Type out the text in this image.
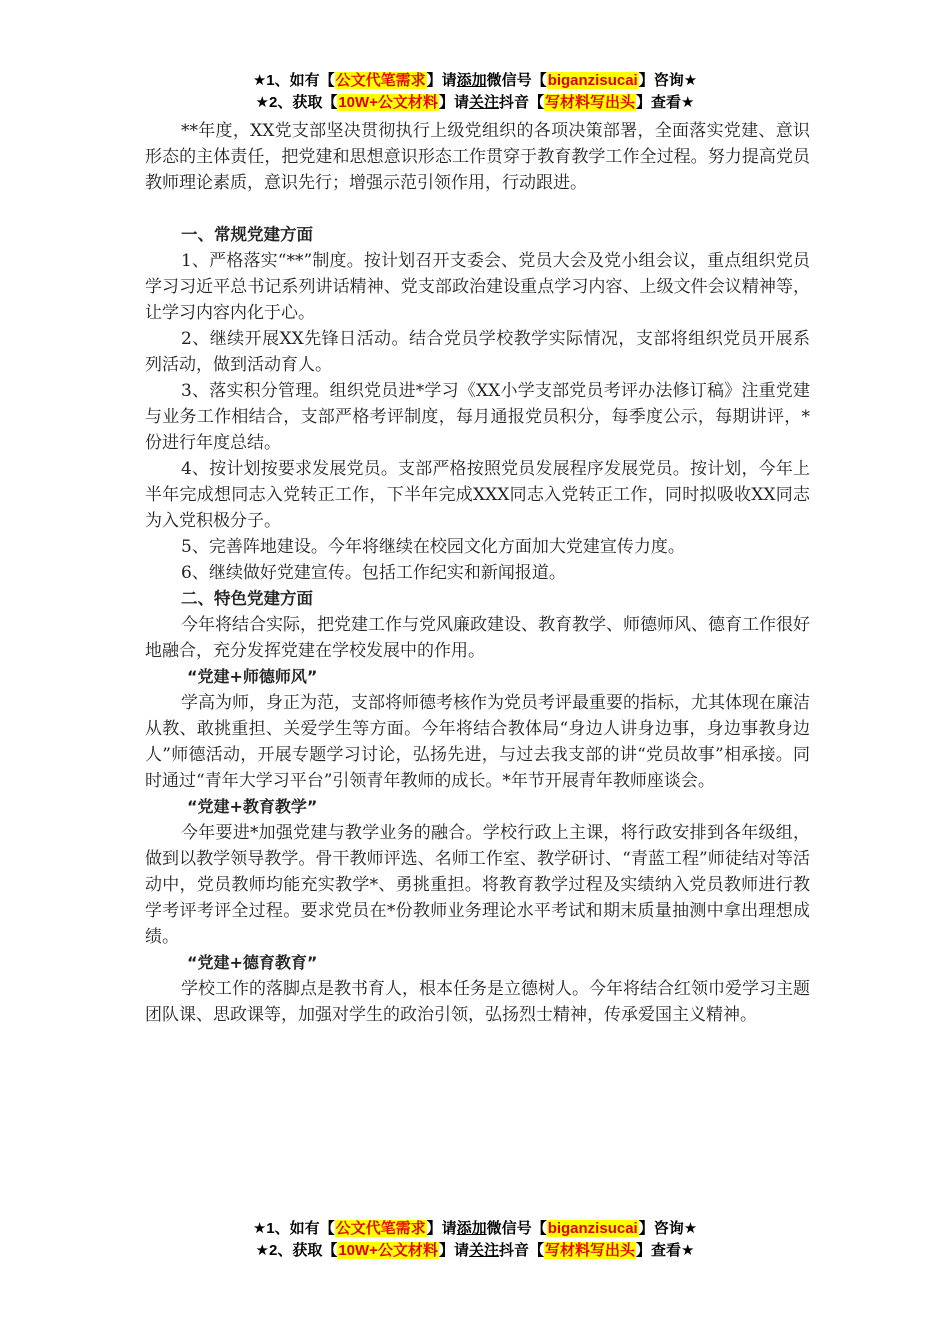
★1、如有【公文代笔需求】请添加微信号【biganzisucai】咨询★
★2、获取【10W+公文材料】请关注抖音【写材料写出头】查看★

**年度，XX党支部坚决贯彻执行上级党组织的各项决策部署，全面落实党建、意识形态的主体责任，把党建和思想意识形态工作贯穿于教育教学工作全过程。努力提高党员教师理论素质，意识先行；增强示范引领作用，行动跟进。

一、常规党建方面

1、严格落实“**”制度。按计划召开支委会、党员大会及党小组会议，重点组织党员学习习近平总书记系列讲话精神、党支部政治建设重点学习内容、上级文件会议精神等，让学习内容内化于心。

2、继续开展XX先锋日活动。结合党员学校教学实际情况，支部将组织党员开展系列活动，做到活动育人。

3、落实积分管理。组织党员进*学习《XX小学支部党员考评办法修订稿》注重党建与业务工作相结合，支部严格考评制度，每月通报党员积分，每季度公示，每期讲评，*份进行年度总结。

4、按计划按要求发展党员。支部严格按照党员发展程序发展党员。按计划，今年上半年完成想同志入党转正工作，下半年完成XXX同志入党转正工作，同时拟吸收XX同志为入党积极分子。

5、完善阵地建设。今年将继续在校园文化方面加大党建宣传力度。

6、继续做好党建宣传。包括工作纪实和新闻报道。

二、特色党建方面

今年将结合实际，把党建工作与党风廉政建设、教育教学、师德师风、德育工作很好地融合，充分发挥党建在学校发展中的作用。

“党建+师德师风”

学高为师，身正为范，支部将师德考核作为党员考评最重要的指标，尤其体现在廉洁从教、敢挑重担、关爱学生等方面。今年将结合教体局“身边人讲身边事，身边事教身边人”师德活动，开展专题学习讨论，弘扬先进，与过去我支部的讲“党员故事”相承接。同时通过“青年大学习平台”引领青年教师的成长。*年节开展青年教师座谈会。

“党建+教育教学”

今年要进*加强党建与教学业务的融合。学校行政上主课，将行政安排到各年级组，做到以教学领导教学。骨干教师评选、名师工作室、教学研讨、“青蓝工程”师徒结对等活动中，党员教师均能充实教学*、勇挑重担。将教育教学过程及实绩纳入党员教师进行教学考评考评全过程。要求党员在*份教师业务理论水平考试和期末质量抽测中拿出理想成绩。

“党建+德育教育”

学校工作的落脚点是教书育人，根本任务是立德树人。今年将结合红领巾爱学习主题团队课、思政课等，加强对学生的政治引领，弘扬烈士精神，传承爱国主义精神。

★1、如有【公文代笔需求】请添加微信号【biganzisucai】咨询★
★2、获取【10W+公文材料】请关注抖音【写材料写出头】查看★
